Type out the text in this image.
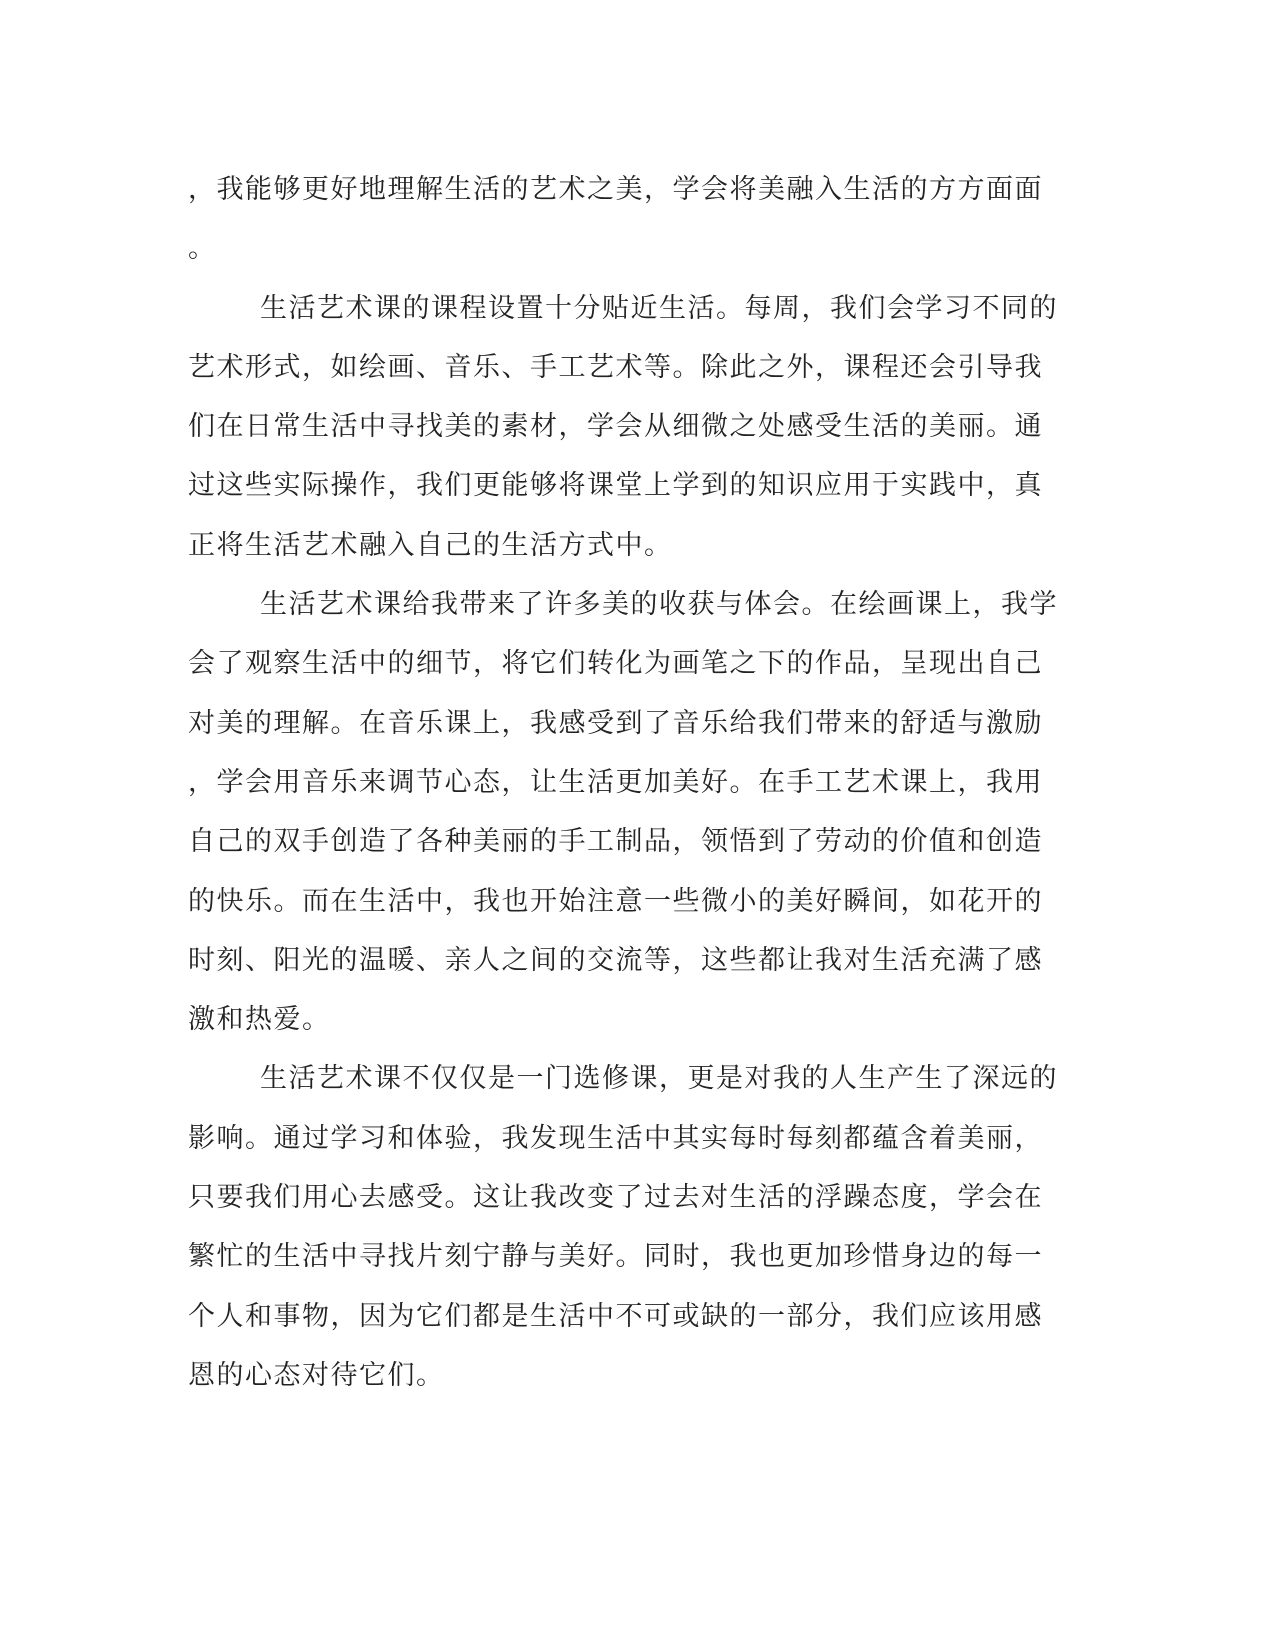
，我能够更好地理解生活的艺术之美，学会将美融入生活的方方面面
。
生活艺术课的课程设置十分贴近生活。每周，我们会学习不同的
艺术形式，如绘画、音乐、手工艺术等。除此之外，课程还会引导我
们在日常生活中寻找美的素材，学会从细微之处感受生活的美丽。通
过这些实际操作，我们更能够将课堂上学到的知识应用于实践中，真
正将生活艺术融入自己的生活方式中。
生活艺术课给我带来了许多美的收获与体会。在绘画课上，我学
会了观察生活中的细节，将它们转化为画笔之下的作品，呈现出自己
对美的理解。在音乐课上，我感受到了音乐给我们带来的舒适与激励
，学会用音乐来调节心态，让生活更加美好。在手工艺术课上，我用
自己的双手创造了各种美丽的手工制品，领悟到了劳动的价值和创造
的快乐。而在生活中，我也开始注意一些微小的美好瞬间，如花开的
时刻、阳光的温暖、亲人之间的交流等，这些都让我对生活充满了感
激和热爱。
生活艺术课不仅仅是一门选修课，更是对我的人生产生了深远的
影响。通过学习和体验，我发现生活中其实每时每刻都蕴含着美丽，
只要我们用心去感受。这让我改变了过去对生活的浮躁态度，学会在
繁忙的生活中寻找片刻宁静与美好。同时，我也更加珍惜身边的每一
个人和事物，因为它们都是生活中不可或缺的一部分，我们应该用感
恩的心态对待它们。
